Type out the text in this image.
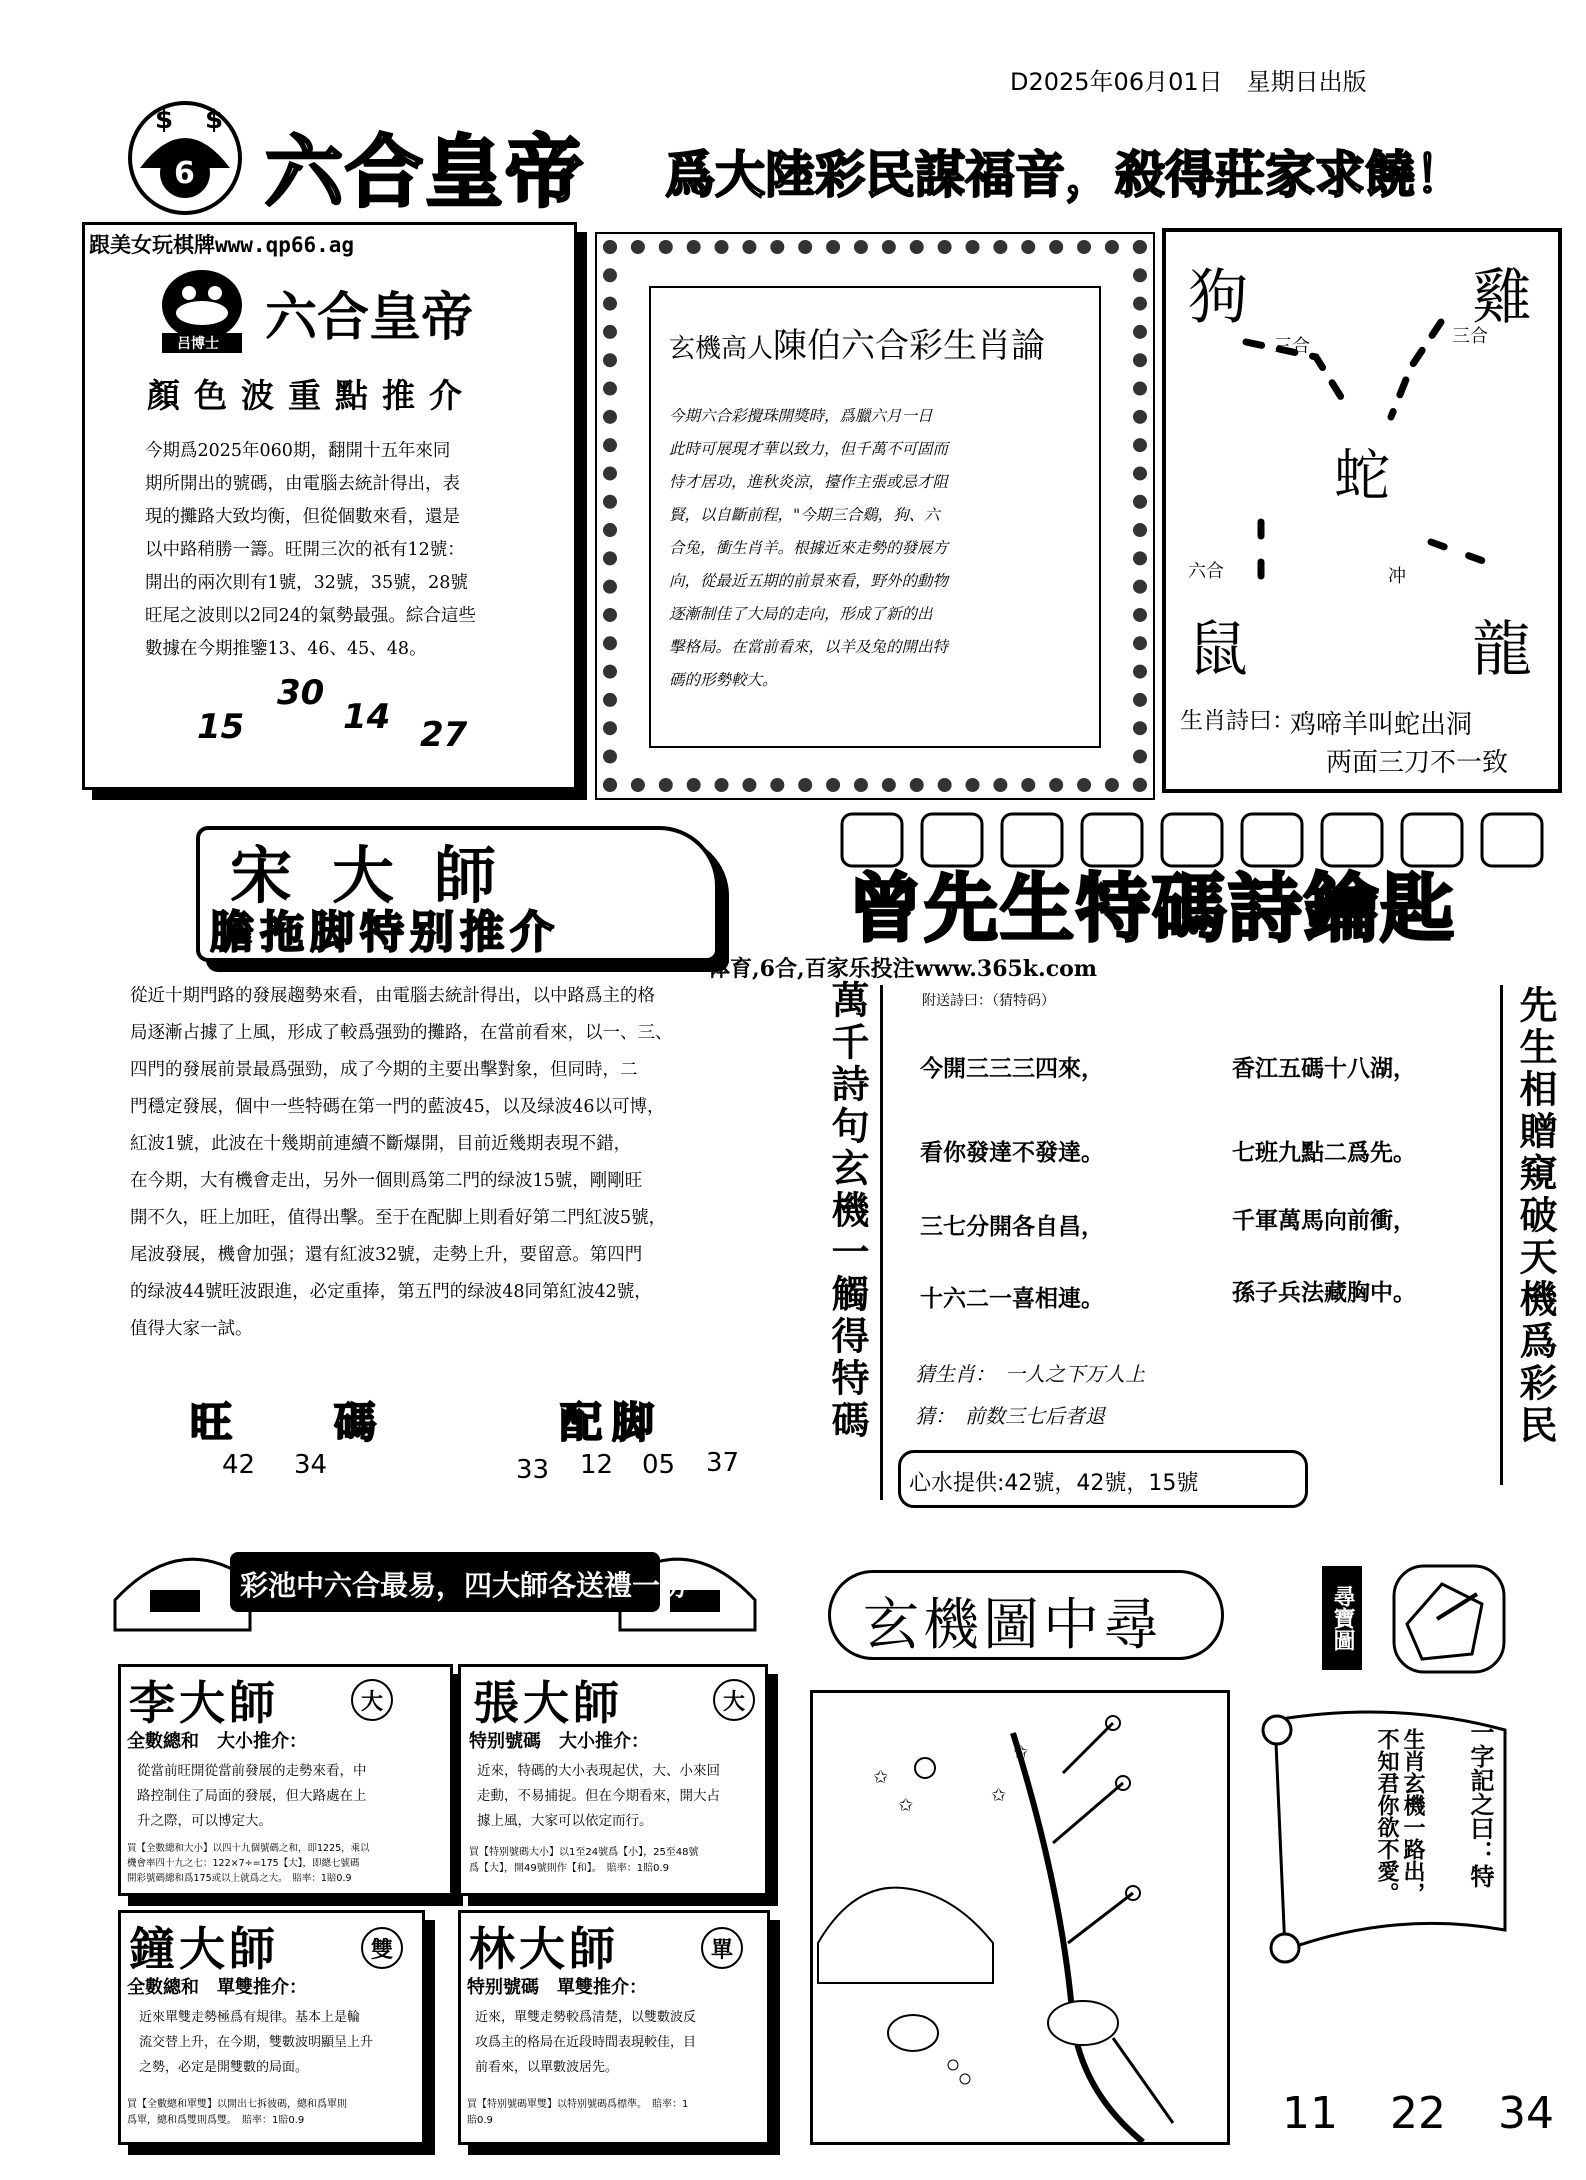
D2025年06月01日　星期日出版
$ $
6 六合皇帝 爲大陸彩民謀福音，殺得莊家求饒！
跟美女玩棋牌www.qp66.ag
吕博士 六合皇帝
顏色波重點推介
今期爲2025年060期，翻開十五年來同
期所開出的號碼，由電腦去統計得出，表
現的攤路大致均衡，但從個數來看，還是
以中路稍勝一籌。旺開三次的祇有12號：
開出的兩次則有1號，32號，35號，28號
旺尾之波則以2同24的氣勢最强。綜合這些
數據在今期推鑒13、46、45、48。
15
30
14 27
玄機高人陳伯六合彩生肖論
今期六合彩攪珠開獎時，爲臘六月一日
此時可展現才華以致力，但千萬不可固而
恃才居功，進秋炎涼，擡作主張或忌才阻
賢，以自斷前程，"今期三合鷄，狗、六
合兔，衝生肖羊。根據近來走勢的發展方
向，從最近五期的前景來看，野外的動物
逐漸制佳了大局的走向，形成了新的出
擊格局。在當前看來，以羊及兔的開出特
碼的形勢較大。
狗	雞
蛇
鼠	龍
三合	三合
六合	冲
生肖詩曰：
鸡啼羊叫蛇出洞
两面三刀不一致
宋大師
膽拖脚特别推介
從近十期門路的發展趨勢來看，由電腦去統計得出，以中路爲主的格
局逐漸占據了上風，形成了較爲强勁的攤路，在當前看來，以一、三、
四門的發展前景最爲强勁，成了今期的主要出擊對象，但同時，二
門穩定發展，個中一些特碼在第一門的藍波45，以及绿波46以可博，
紅波1號，此波在十幾期前連續不斷爆開，目前近幾期表現不錯，
在今期，大有機會走出，另外一個則爲第二門的绿波15號，剛剛旺
開不久，旺上加旺，值得出擊。至于在配脚上則看好第二門紅波5號，
尾波發展，機會加强；還有紅波32號，走勢上升，要留意。第四門
的绿波44號旺波跟進，必定重捧，第五門的绿波48同第紅波42號，
值得大家一試。
旺　碼
42 34
配脚
33 12 05 37
曾先生特碼詩鑰匙
体育,6合,百家乐投注www.365k.com
萬千詩句玄機一觸得特碼	先生相贈窺破天機爲彩民
附送詩曰：（猜特码）
今開三三三四來，	香江五碼十八湖，
看你發達不發達。	七班九點二爲先。
三七分開各自昌，	千軍萬馬向前衝，
十六二一喜相連。	孫子兵法藏胸中。
猜生肖： 一人之下万人上
猜： 前数三七后者退
心水提供:42號，42號，15號
彩池中六合最易，四大師各送禮一份
李大師	大
全數總和　大小推介：
從當前旺開從當前發展的走勢來看，中
路控制住了局面的發展，但大路處在上
升之際，可以博定大。
買【全數總和大小】以四十九個號碼之和，即1225，乘以
機會率四十九之七：122×7÷=175【大】，即總七號碼
開彩號碼總和爲175或以上就爲之大。　賠率：1賠0.9
張大師	大
特别號碼　大小推介：
近來，特碼的大小表現起伏，大、小來回
走動，不易捕捉。但在今期看來，開大占
據上風，大家可以依定而行。
買【特别號碼大小】以1至24號爲【小】，25至48號
爲【大】，開49號則作【和】。　賠率：1賠0.9
鐘大師	雙
全數總和　單雙推介：
近來單雙走勢極爲有規律。基本上是輪
流交替上升，在今期，雙數波明顯呈上升
之勢，必定是開雙數的局面。
買【全數總和單雙】以開出七拆彼碼，總和爲單則
爲單，總和爲雙則爲雙。　賠率：1賠0.9
林大師	單
特别號碼　單雙推介：
近來，單雙走勢較爲清楚，以雙數波反
攻爲主的格局在近段時間表現較佳，目
前看來，以單數波居先。
買【特别號碼單雙】以特别號碼爲標準。　賠率：1
賠0.9
玄機圖中尋	尋寶圖
✩
✩
✩
✩	一字記之曰：特
生肖玄機一路出，
不知君你欲不愛。
11 22 34
